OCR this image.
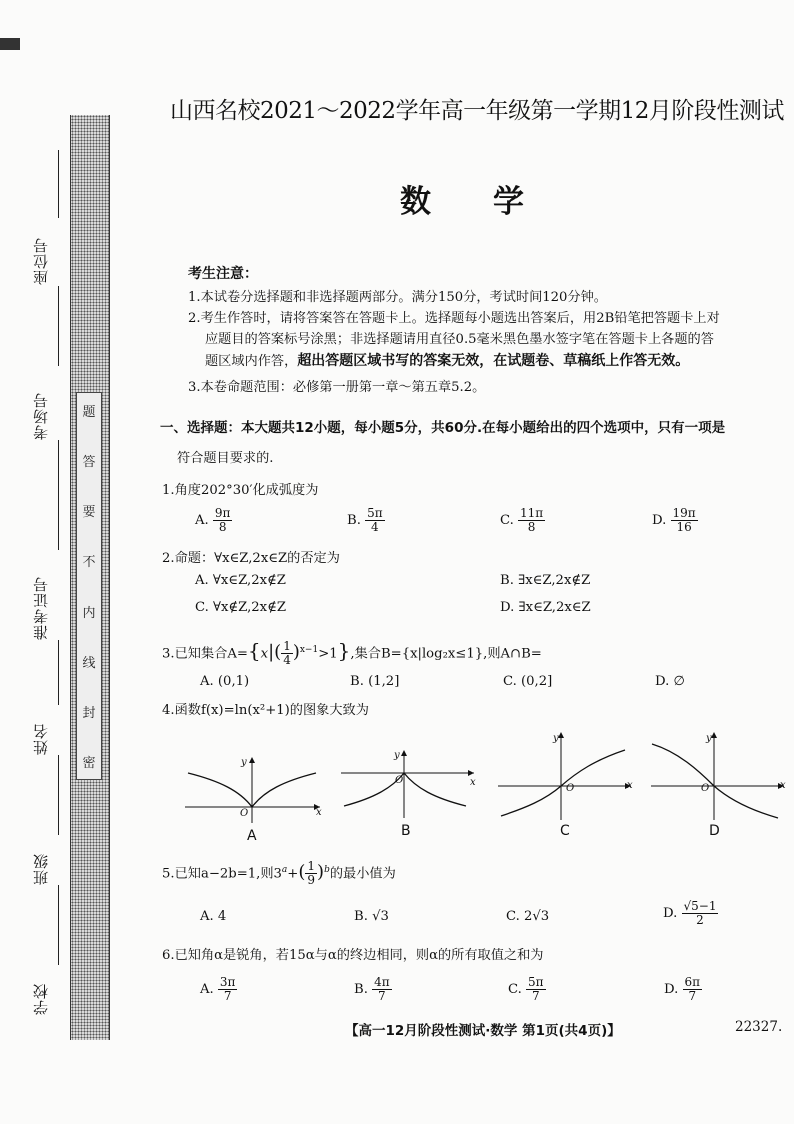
座位号
考场号
准考证号
姓名
班级
学校
题
答
要
不
内
线
封
密
山西名校2021～2022学年高一年级第一学期12月阶段性测试
数学
考生注意：
1.本试卷分选择题和非选择题两部分。满分150分，考试时间120分钟。
2.考生作答时，请将答案答在答题卡上。选择题每小题选出答案后，用2B铅笔把答题卡上对
应题目的答案标号涂黑；非选择题请用直径0.5毫米黑色墨水签字笔在答题卡上各题的答
题区域内作答，超出答题区域书写的答案无效，在试题卷、草稿纸上作答无效。
3.本卷命题范围：必修第一册第一章～第五章5.2。
一、选择题：本大题共12小题，每小题5分，共60分.在每小题给出的四个选项中，只有一项是
符合题目要求的.
1.角度202°30′化成弧度为
A. $\frac{9\pi}{8}$	B. $\frac{5\pi}{4}$	C. $\frac{11\pi}{8}$	D. $\frac{19\pi}{16}$
2.命题：∀x∈Z,2x∈Z的否定为
A. ∀x∈Z,2x∉Z	B. ∃x∈Z,2x∉Z
C. ∀x∉Z,2x∉Z	D. ∃x∈Z,2x∈Z
3.已知集合$A=\{x|( \frac{1}{4} )^{x-1}>1\}$,集合B={x|log₂x≤1},则A∩B=
A. (0,1)	B. (1,2]	C. (0,2]	D. ∅
4.函数f(x)=ln(x²+1)的图象大致为
y
x
O
A
y
x
O
B
y
x
O
C
y
x
O
D
5.已知a−2b=1,则$3^a+( \frac{1}{9} )^b$的最小值为
A. 4	B. √3	C. 2√3	D. $\frac{√5-1}{2}$
6.已知角α是锐角，若15α与α的终边相同，则α的所有取值之和为
A. $\frac{3\pi}{7}$	B. $\frac{4\pi}{7}$	C. $\frac{5\pi}{7}$	D. $\frac{6\pi}{7}$
【高一12月阶段性测试·数学 第1页(共4页)】	22327.
